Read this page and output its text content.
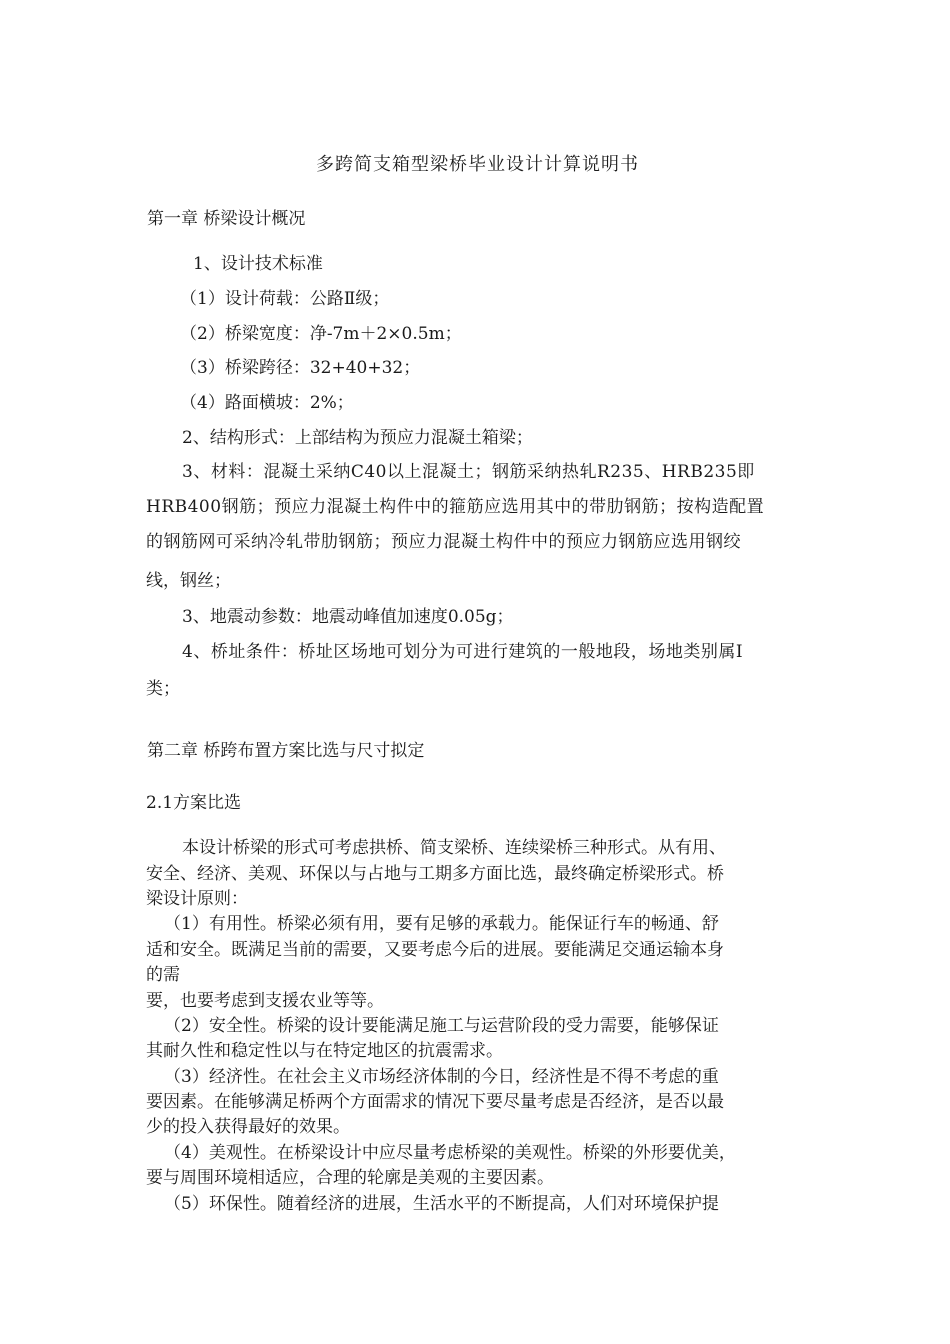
多跨简支箱型梁桥毕业设计计算说明书
第一章 桥梁设计概况
1、设计技术标准
（1）设计荷载：公路Ⅱ级；
（2）桥梁宽度：净-7m＋2×0.5m；
（3）桥梁跨径：32+40+32；
（4）路面横坡：2%；
2、结构形式：上部结构为预应力混凝土箱梁；
3、材料：混凝土采纳C40以上混凝土；钢筋采纳热轧R235、HRB235即
HRB400钢筋；预应力混凝土构件中的箍筋应选用其中的带肋钢筋；按构造配置
的钢筋网可采纳冷轧带肋钢筋；预应力混凝土构件中的预应力钢筋应选用钢绞
线，钢丝；
3、地震动参数：地震动峰值加速度0.05g；
4、桥址条件：桥址区场地可划分为可进行建筑的一般地段，场地类别属Ⅰ
类；
第二章 桥跨布置方案比选与尺寸拟定
2.1方案比选
本设计桥梁的形式可考虑拱桥、简支梁桥、连续梁桥三种形式。从有用、
安全、经济、美观、环保以与占地与工期多方面比选，最终确定桥梁形式。桥
梁设计原则：
（1）有用性。桥梁必须有用，要有足够的承载力。能保证行车的畅通、舒
适和安全。既满足当前的需要，又要考虑今后的进展。要能满足交通运输本身
的需
要，也要考虑到支援农业等等。
（2）安全性。桥梁的设计要能满足施工与运营阶段的受力需要，能够保证
其耐久性和稳定性以与在特定地区的抗震需求。
（3）经济性。在社会主义市场经济体制的今日，经济性是不得不考虑的重
要因素。在能够满足桥两个方面需求的情况下要尽量考虑是否经济，是否以最
少的投入获得最好的效果。
（4）美观性。在桥梁设计中应尽量考虑桥梁的美观性。桥梁的外形要优美，
要与周围环境相适应，合理的轮廓是美观的主要因素。
（5）环保性。随着经济的进展，生活水平的不断提高，人们对环境保护提
